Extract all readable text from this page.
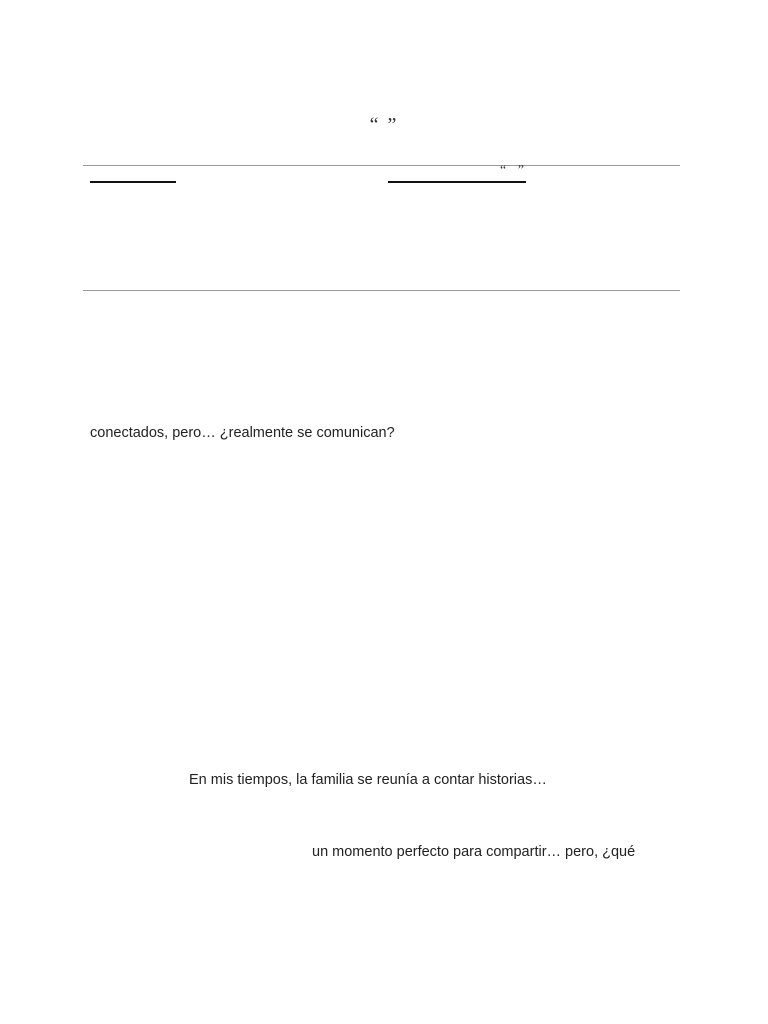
“ ”
“ ”
conectados, pero… ¿realmente se comunican?
En mis tiempos, la familia se reunía a contar historias…
un momento perfecto para compartir… pero, ¿qué
